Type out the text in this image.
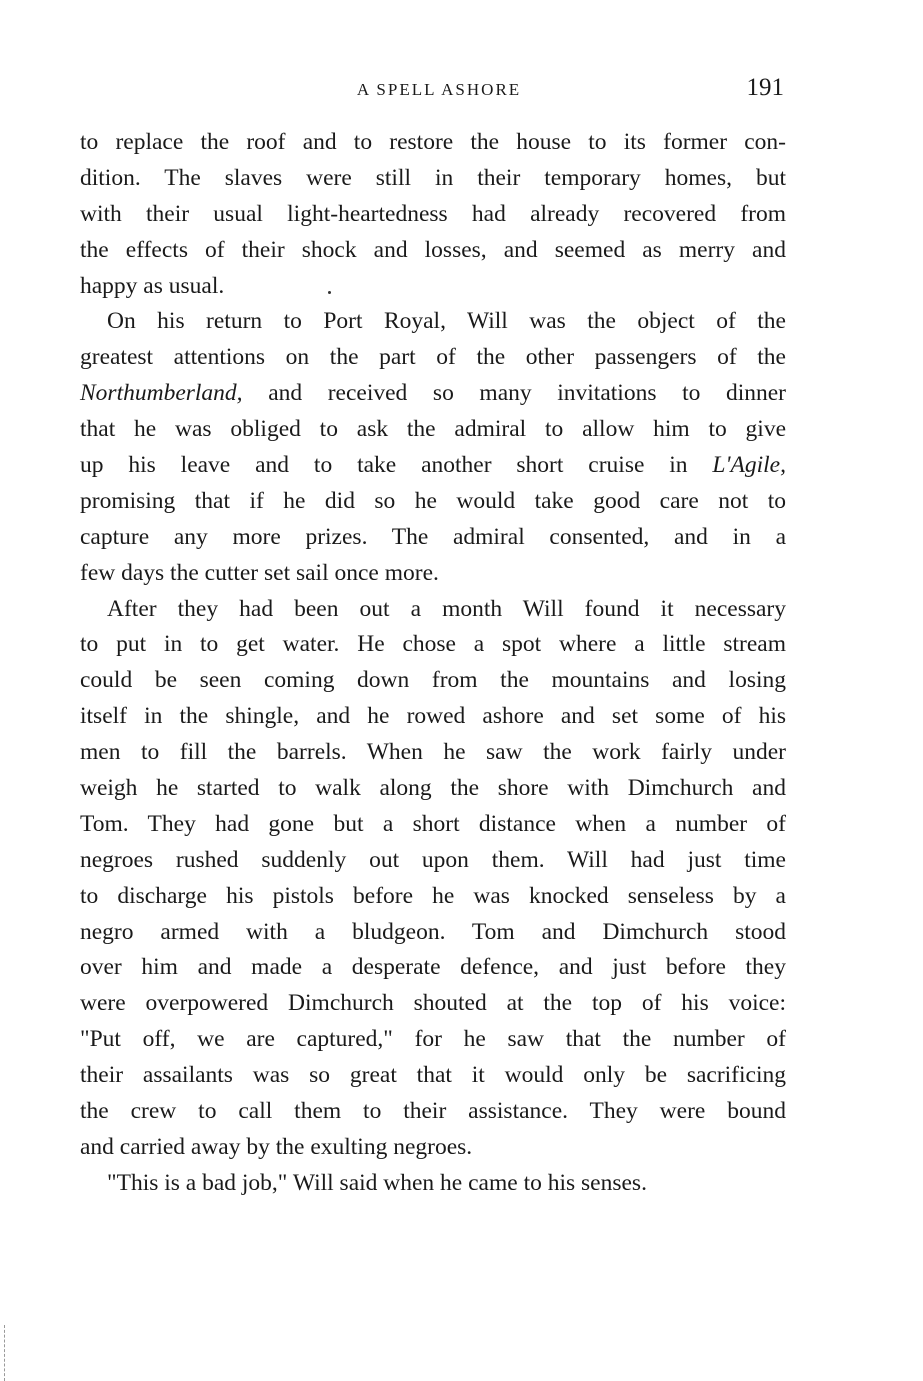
A SPELL ASHORE	191
to replace the roof and to restore the house to its former con-
dition. The slaves were still in their temporary homes, but
with their usual light-heartedness had already recovered from
the effects of their shock and losses, and seemed as merry and
happy as usual.
On his return to Port Royal, Will was the object of the
greatest attentions on the part of the other passengers of the
Northumberland, and received so many invitations to dinner
that he was obliged to ask the admiral to allow him to give
up his leave and to take another short cruise in L'Agile,
promising that if he did so he would take good care not to
capture any more prizes. The admiral consented, and in a
few days the cutter set sail once more.
After they had been out a month Will found it necessary
to put in to get water. He chose a spot where a little stream
could be seen coming down from the mountains and losing
itself in the shingle, and he rowed ashore and set some of his
men to fill the barrels. When he saw the work fairly under
weigh he started to walk along the shore with Dimchurch and
Tom. They had gone but a short distance when a number of
negroes rushed suddenly out upon them. Will had just time
to discharge his pistols before he was knocked senseless by a
negro armed with a bludgeon. Tom and Dimchurch stood
over him and made a desperate defence, and just before they
were overpowered Dimchurch shouted at the top of his voice:
"Put off, we are captured," for he saw that the number of
their assailants was so great that it would only be sacrificing
the crew to call them to their assistance. They were bound
and carried away by the exulting negroes.
"This is a bad job," Will said when he came to his senses.
